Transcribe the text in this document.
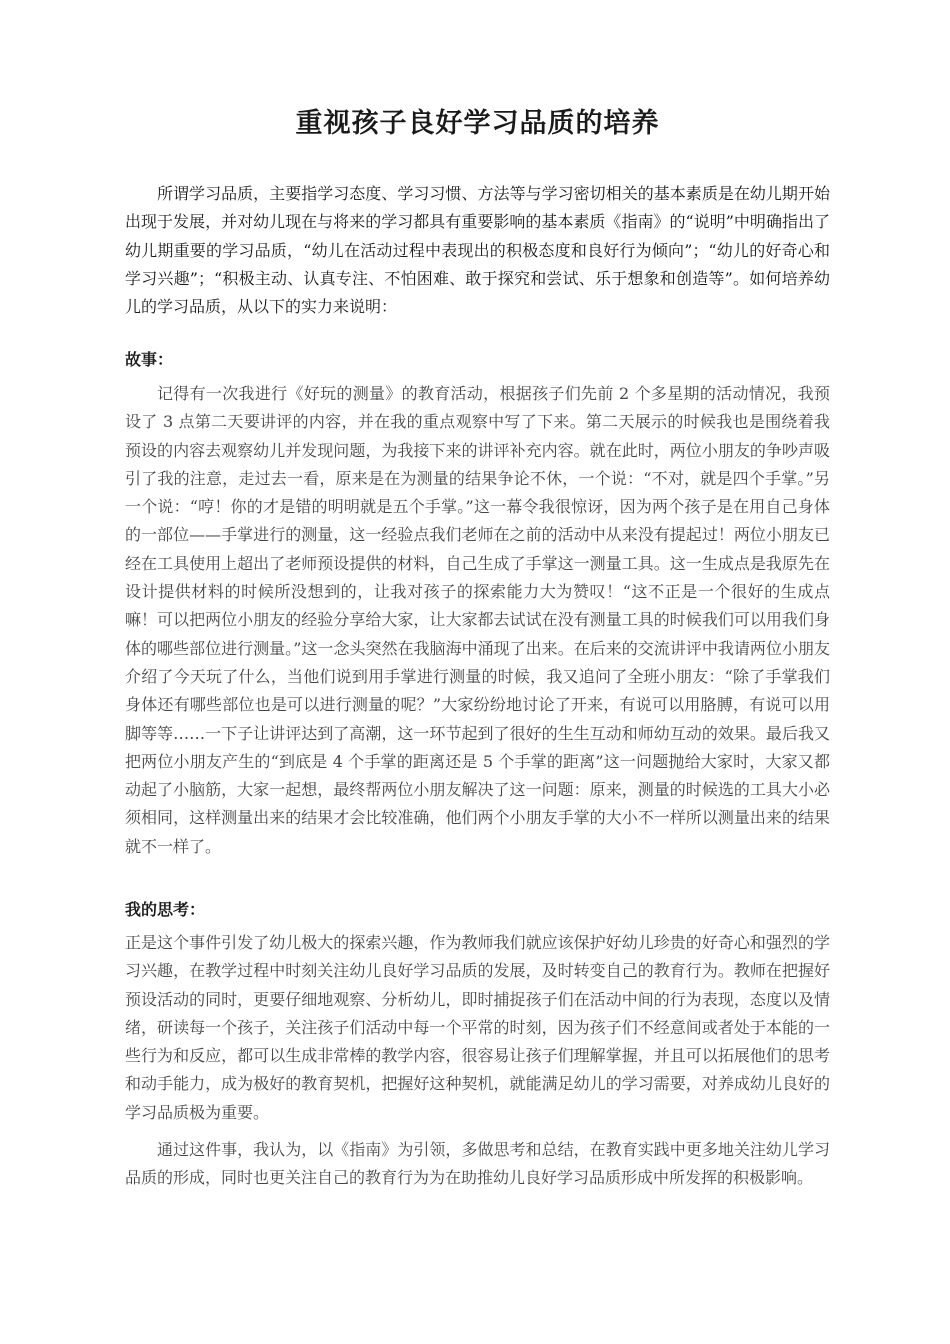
重视孩子良好学习品质的培养

所谓学习品质，主要指学习态度、学习习惯、方法等与学习密切相关的基本素质是在幼儿期开始出现于发展，并对幼儿现在与将来的学习都具有重要影响的基本素质《指南》的“说明”中明确指出了幼儿期重要的学习品质，“幼儿在活动过程中表现出的积极态度和良好行为倾向”；“幼儿的好奇心和学习兴趣”；“积极主动、认真专注、不怕困难、敢于探究和尝试、乐于想象和创造等”。如何培养幼儿的学习品质，从以下的实力来说明：

故事：

记得有一次我进行《好玩的测量》的教育活动，根据孩子们先前 2 个多星期的活动情况，我预设了 3 点第二天要讲评的内容，并在我的重点观察中写了下来。第二天展示的时候我也是围绕着我预设的内容去观察幼儿并发现问题，为我接下来的讲评补充内容。就在此时，两位小朋友的争吵声吸引了我的注意，走过去一看，原来是在为测量的结果争论不休，一个说：“不对，就是四个手掌。”另一个说：“哼！你的才是错的明明就是五个手掌。”这一幕令我很惊讶，因为两个孩子是在用自己身体的一部位——手掌进行的测量，这一经验点我们老师在之前的活动中从来没有提起过！两位小朋友已经在工具使用上超出了老师预设提供的材料，自己生成了手掌这一测量工具。这一生成点是我原先在设计提供材料的时候所没想到的，让我对孩子的探索能力大为赞叹！“这不正是一个很好的生成点嘛！可以把两位小朋友的经验分享给大家，让大家都去试试在没有测量工具的时候我们可以用我们身体的哪些部位进行测量。”这一念头突然在我脑海中涌现了出来。在后来的交流讲评中我请两位小朋友介绍了今天玩了什么，当他们说到用手掌进行测量的时候，我又追问了全班小朋友：“除了手掌我们身体还有哪些部位也是可以进行测量的呢？”大家纷纷地讨论了开来，有说可以用胳膊，有说可以用脚等等……一下子让讲评达到了高潮，这一环节起到了很好的生生互动和师幼互动的效果。最后我又把两位小朋友产生的“到底是 4 个手掌的距离还是 5 个手掌的距离”这一问题抛给大家时，大家又都动起了小脑筋，大家一起想，最终帮两位小朋友解决了这一问题：原来，测量的时候选的工具大小必须相同，这样测量出来的结果才会比较准确，他们两个小朋友手掌的大小不一样所以测量出来的结果就不一样了。

我的思考：

正是这个事件引发了幼儿极大的探索兴趣，作为教师我们就应该保护好幼儿珍贵的好奇心和强烈的学习兴趣，在教学过程中时刻关注幼儿良好学习品质的发展，及时转变自己的教育行为。教师在把握好预设活动的同时，更要仔细地观察、分析幼儿，即时捕捉孩子们在活动中间的行为表现，态度以及情绪，研读每一个孩子，关注孩子们活动中每一个平常的时刻，因为孩子们不经意间或者处于本能的一些行为和反应，都可以生成非常棒的教学内容，很容易让孩子们理解掌握，并且可以拓展他们的思考和动手能力，成为极好的教育契机，把握好这种契机，就能满足幼儿的学习需要，对养成幼儿良好的学习品质极为重要。

通过这件事，我认为，以《指南》为引领，多做思考和总结，在教育实践中更多地关注幼儿学习品质的形成，同时也更关注自己的教育行为为在助推幼儿良好学习品质形成中所发挥的积极影响。
